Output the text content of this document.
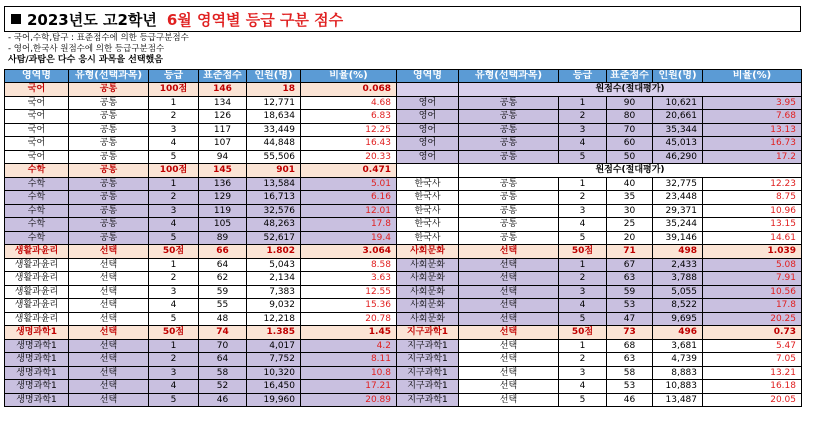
2023년도 고2학년 6월 영역별 등급 구분 점수
- 국어,수학,탐구 : 표준점수에 의한 등급구분점수
- 영어,한국사 원점수에 의한 등급구분점수
사탐/과탐은 다수 응시 과목을 선택했음
영역명	유형(선택과목)	등급	표준점수	인원(명)	비율(%)
국어	공통	100점	146	18	0.068
국어	공통	1	134	12,771	4.68
국어	공통	2	126	18,634	6.83
국어	공통	3	117	33,449	12.25
국어	공통	4	107	44,848	16.43
국어	공통	5	94	55,506	20.33
수학	공통	100점	145	901	0.471
수학	공통	1	136	13,584	5.01
수학	공통	2	129	16,713	6.16
수학	공통	3	119	32,576	12.01
수학	공통	4	105	48,263	17.8
수학	공통	5	89	52,617	19.4
생활과윤리	선택	50점	66	1.802	3.064
생활과윤리	선택	1	64	5,043	8.58
생활과윤리	선택	2	62	2,134	3.63
생활과윤리	선택	3	59	7,383	12.55
생활과윤리	선택	4	55	9,032	15.36
생활과윤리	선택	5	48	12,218	20.78
생명과학1	선택	50점	74	1.385	1.45
생명과학1	선택	1	70	4,017	4.2
생명과학1	선택	2	64	7,752	8.11
생명과학1	선택	3	58	10,320	10.8
생명과학1	선택	4	52	16,450	17.21
생명과학1	선택	5	46	19,960	20.89
영역명	유형(선택과목)	등급	표준점수	인원(명)	비율(%)
	원점수(절대평가)				
영어	공통	1	90	10,621	3.95
영어	공통	2	80	20,661	7.68
영어	공통	3	70	35,344	13.13
영어	공통	4	60	45,013	16.73
영어	공통	5	50	46,290	17.2
	원점수(절대평가)				
한국사	공통	1	40	32,775	12.23
한국사	공통	2	35	23,448	8.75
한국사	공통	3	30	29,371	10.96
한국사	공통	4	25	35,244	13.15
한국사	공통	5	20	39,146	14.61
사회문화	선택	50점	71	498	1.039
사회문화	선택	1	67	2,433	5.08
사회문화	선택	2	63	3,788	7.91
사회문화	선택	3	59	5,055	10.56
사회문화	선택	4	53	8,522	17.8
사회문화	선택	5	47	9,695	20.25
지구과학1	선택	50점	73	496	0.73
지구과학1	선택	1	68	3,681	5.47
지구과학1	선택	2	63	4,739	7.05
지구과학1	선택	3	58	8,883	13.21
지구과학1	선택	4	53	10,883	16.18
지구과학1	선택	5	46	13,487	20.05
